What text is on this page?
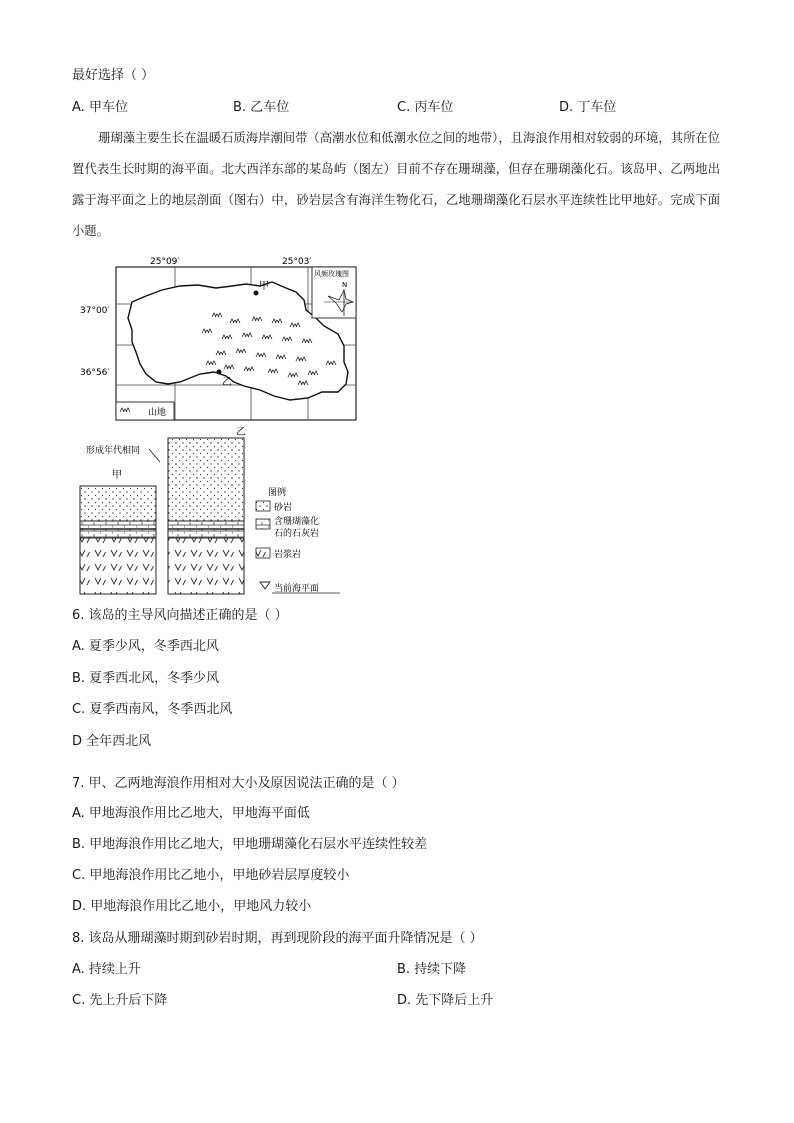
最好选择（ ）
A. 甲车位	B. 乙车位	C. 丙车位	D. 丁车位
珊瑚藻主要生长在温暖石质海岸潮间带（高潮水位和低潮水位之间的地带），且海浪作用相对较弱的环境，其所在位置代表生长时期的海平面。北大西洋东部的某岛屿（图左）目前不存在珊瑚藻，但存在珊瑚藻化石。该岛甲、乙两地出露于海平面之上的地层剖面（图右）中，砂岩层含有海洋生物化石，乙地珊瑚藻化石层水平连续性比甲地好。完成下面小题。
甲
乙
25°09′	25°03′
37°00′
36°56′
风频玫瑰图
N
山地
乙
甲
形成年代相同
图例
砂岩
含珊瑚藻化
石的石灰岩
岩浆岩
当前海平面
6. 该岛的主导风向描述正确的是（ ）
A. 夏季少风，冬季西北风
B. 夏季西北风，冬季少风
C. 夏季西南风，冬季西北风
D 全年西北风
7. 甲、乙两地海浪作用相对大小及原因说法正确的是（ ）
A. 甲地海浪作用比乙地大，甲地海平面低
B. 甲地海浪作用比乙地大，甲地珊瑚藻化石层水平连续性较差
C. 甲地海浪作用比乙地小，甲地砂岩层厚度较小
D. 甲地海浪作用比乙地小，甲地风力较小
8. 该岛从珊瑚藻时期到砂岩时期，再到现阶段的海平面升降情况是（ ）
A. 持续上升	B. 持续下降
C. 先上升后下降	D. 先下降后上升
